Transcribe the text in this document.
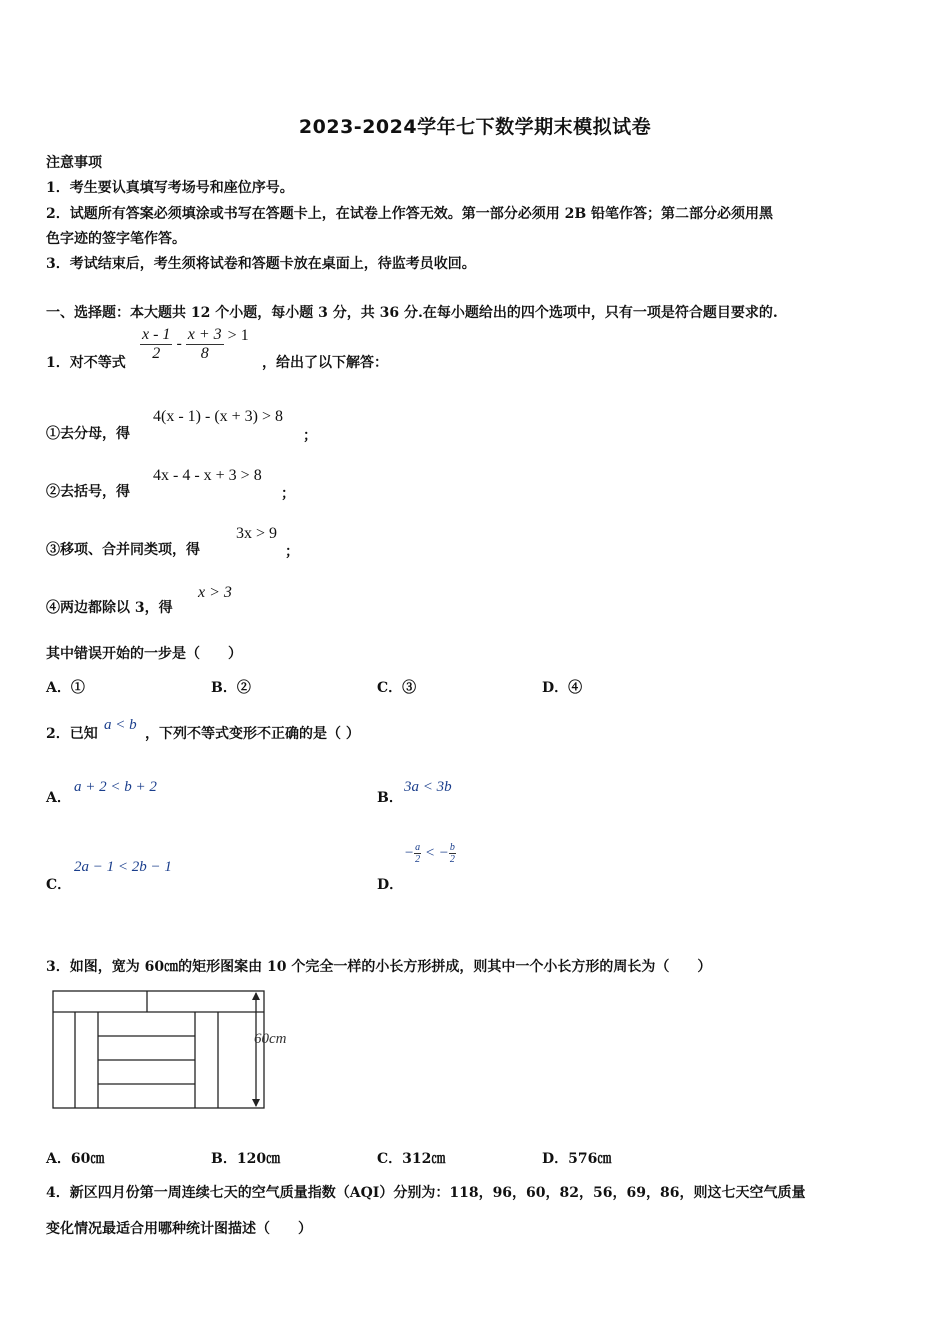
2023-2024学年七下数学期末模拟试卷
注意事项
1．考生要认真填写考场号和座位序号。
2．试题所有答案必须填涂或书写在答题卡上，在试卷上作答无效。第一部分必须用 2B 铅笔作答；第二部分必须用黑
色字迹的签字笔作答。
3．考试结束后，考生须将试卷和答题卡放在桌面上，待监考员收回。
一、选择题：本大题共 12 个小题，每小题 3 分，共 36 分.在每小题给出的四个选项中，只有一项是符合题目要求的.
1．对不等式 $\frac{x - 1}{2} - \frac{x + 3}{8} > 1$
，给出了以下解答：
①去分母，得
4(x - 1) - (x + 3) > 8
；
②去括号，得
4x - 4 - x + 3 > 8
；
③移项、合并同类项，得
3x > 9
；
④两边都除以 3，得
x > 3
其中错误开始的一步是（　　）
A．①	B．②	C．③	D．④
2．已知
a < b
，下列不等式变形不正确的是（ ）
A．
a + 2 < b + 2
B．
3a < 3b
C．
2a − 1 < 2b − 1
D．
− $\frac{a}{2}$ < − $\frac{b}{2}$
3．如图，宽为 60㎝的矩形图案由 10 个完全一样的小长方形拼成，则其中一个小长方形的周长为（　　）
60cm
A．60㎝	B．120㎝	C．312㎝	D．576㎝
4．新区四月份第一周连续七天的空气质量指数（AQI）分别为：118，96，60，82，56，69，86，则这七天空气质量
变化情况最适合用哪种统计图描述（　　）
